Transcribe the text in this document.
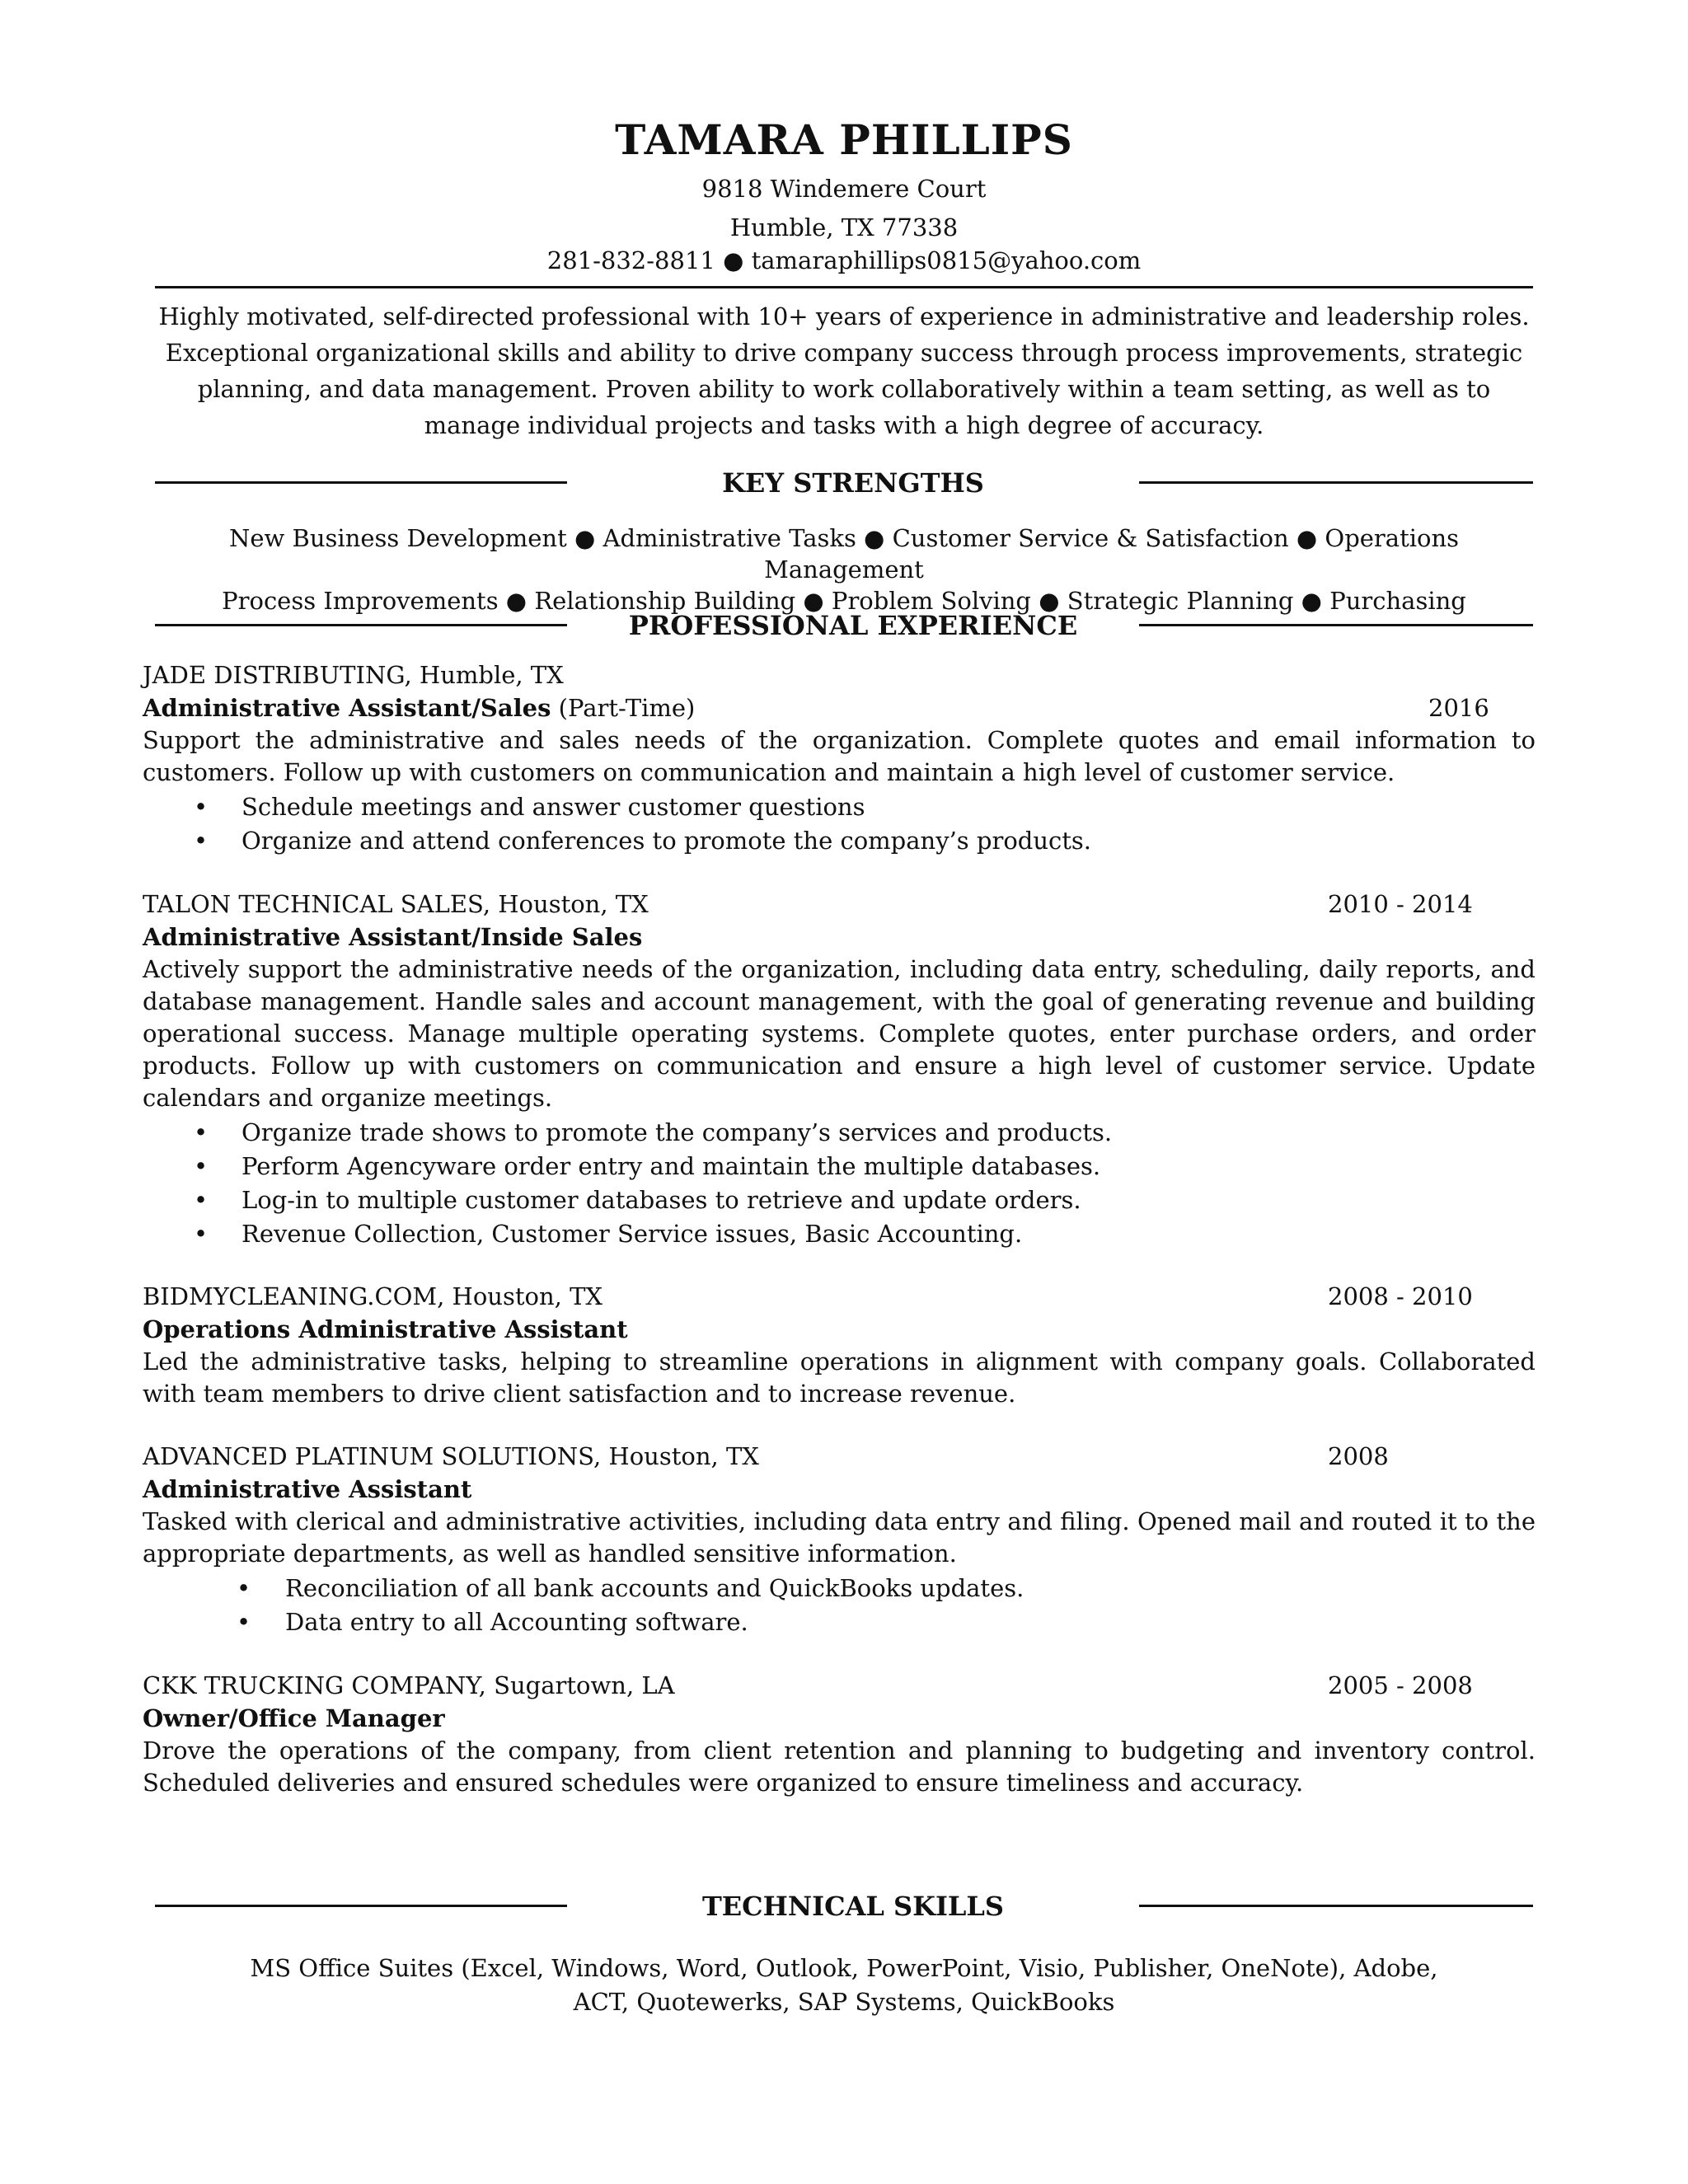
TAMARA PHILLIPS
9818 Windemere Court
Humble, TX 77338
281-832-8811 ● tamaraphillips0815@yahoo.com
Highly motivated, self-directed professional with 10+ years of experience in administrative and leadership roles. Exceptional organizational skills and ability to drive company success through process improvements, strategic planning, and data management. Proven ability to work collaboratively within a team setting, as well as to manage individual projects and tasks with a high degree of accuracy.
KEY STRENGTHS
New Business Development ● Administrative Tasks ● Customer Service & Satisfaction ● Operations Management
Process Improvements ● Relationship Building ● Problem Solving ● Strategic Planning ● Purchasing
PROFESSIONAL EXPERIENCE
JADE DISTRIBUTING, Humble, TX
Administrative Assistant/Sales (Part-Time)	2016
Support the administrative and sales needs of the organization. Complete quotes and email information to customers. Follow up with customers on communication and maintain a high level of customer service.
• Schedule meetings and answer customer questions
• Organize and attend conferences to promote the company’s products.
TALON TECHNICAL SALES, Houston, TX	2010 - 2014
Administrative Assistant/Inside Sales
Actively support the administrative needs of the organization, including data entry, scheduling, daily reports, and database management. Handle sales and account management, with the goal of generating revenue and building operational success. Manage multiple operating systems. Complete quotes, enter purchase orders, and order products. Follow up with customers on communication and ensure a high level of customer service. Update calendars and organize meetings.
• Organize trade shows to promote the company’s services and products.
• Perform Agencyware order entry and maintain the multiple databases.
• Log-in to multiple customer databases to retrieve and update orders.
• Revenue Collection, Customer Service issues, Basic Accounting.
BIDMYCLEANING.COM, Houston, TX	2008 - 2010
Operations Administrative Assistant
Led the administrative tasks, helping to streamline operations in alignment with company goals. Collaborated with team members to drive client satisfaction and to increase revenue.
ADVANCED PLATINUM SOLUTIONS, Houston, TX	2008
Administrative Assistant
Tasked with clerical and administrative activities, including data entry and filing. Opened mail and routed it to the appropriate departments, as well as handled sensitive information.
• Reconciliation of all bank accounts and QuickBooks updates.
• Data entry to all Accounting software.
CKK TRUCKING COMPANY, Sugartown, LA	2005 - 2008
Owner/Office Manager
Drove the operations of the company, from client retention and planning to budgeting and inventory control. Scheduled deliveries and ensured schedules were organized to ensure timeliness and accuracy.
TECHNICAL SKILLS
MS Office Suites (Excel, Windows, Word, Outlook, PowerPoint, Visio, Publisher, OneNote), Adobe,
ACT, Quotewerks, SAP Systems, QuickBooks
